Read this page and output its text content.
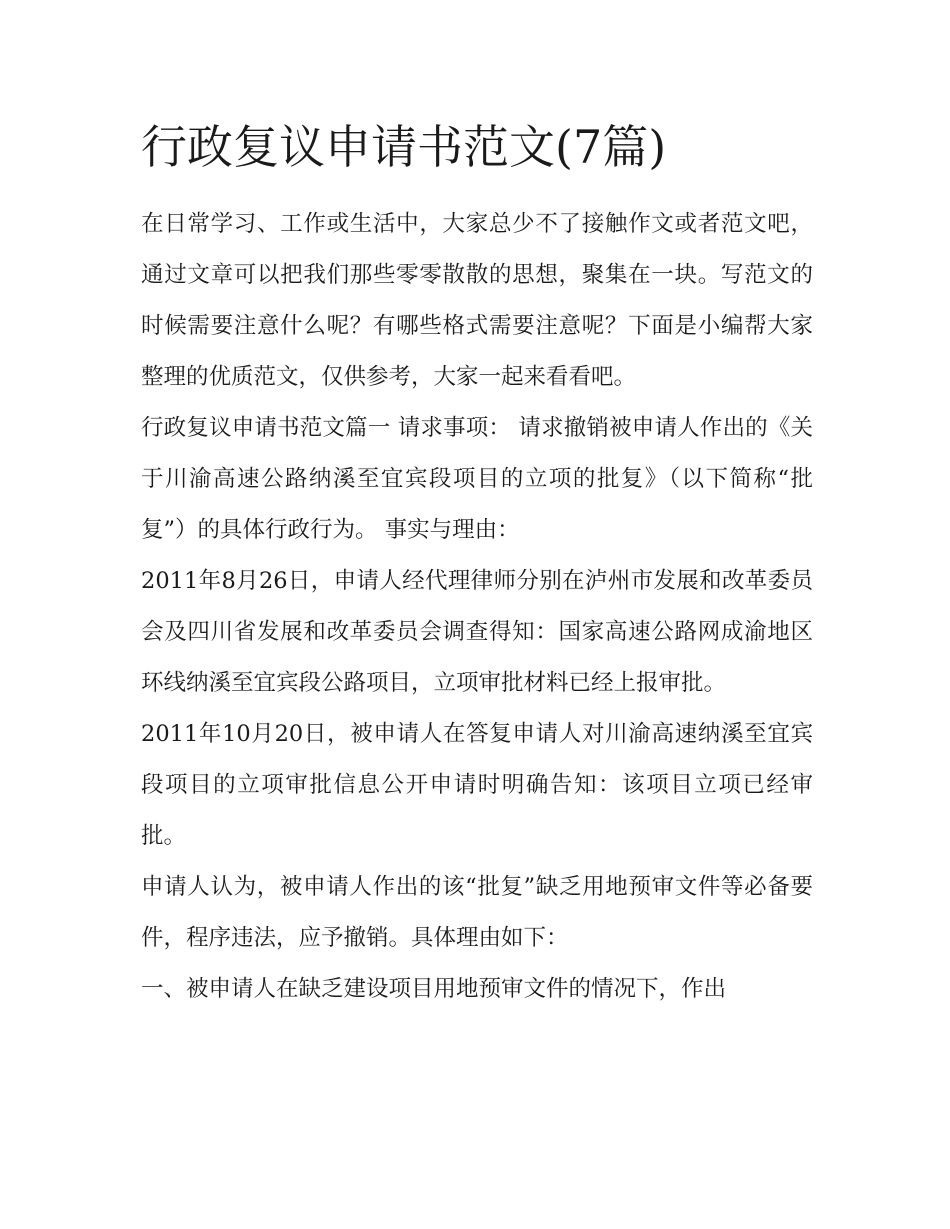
行政复议申请书范文(7篇)

在日常学习、工作或生活中，大家总少不了接触作文或者范文吧，通过文章可以把我们那些零零散散的思想，聚集在一块。写范文的时候需要注意什么呢？有哪些格式需要注意呢？下面是小编帮大家整理的优质范文，仅供参考，大家一起来看看吧。

行政复议申请书范文篇一 请求事项： 请求撤销被申请人作出的《关于川渝高速公路纳溪至宜宾段项目的立项的批复》（以下简称“批复”）的具体行政行为。 事实与理由：

2011年8月26日，申请人经代理律师分别在泸州市发展和改革委员会及四川省发展和改革委员会调查得知：国家高速公路网成渝地区环线纳溪至宜宾段公路项目，立项审批材料已经上报审批。

2011年10月20日，被申请人在答复申请人对川渝高速纳溪至宜宾段项目的立项审批信息公开申请时明确告知：该项目立项已经审批。

申请人认为，被申请人作出的该“批复”缺乏用地预审文件等必备要件，程序违法，应予撤销。具体理由如下：

一、被申请人在缺乏建设项目用地预审文件的情况下，作出
